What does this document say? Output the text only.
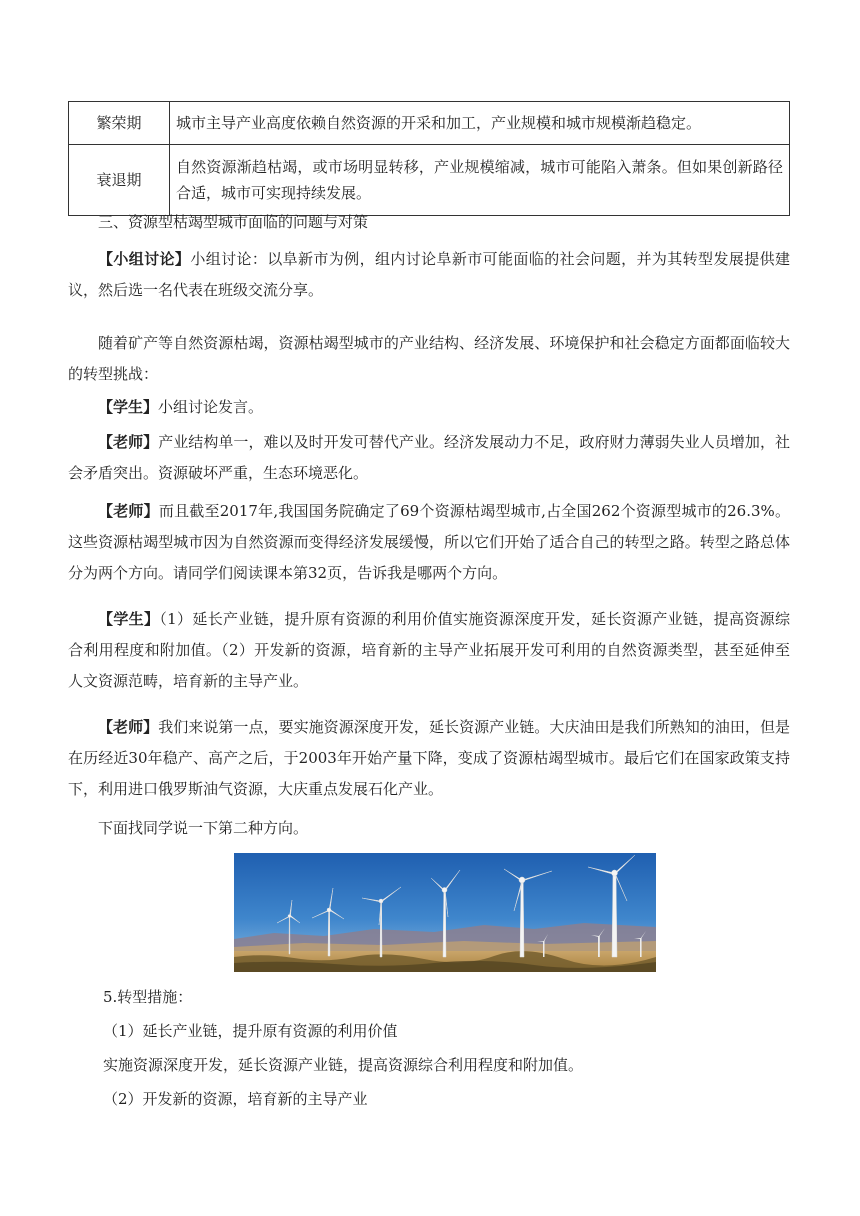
繁荣期	城市主导产业高度依赖自然资源的开采和加工，产业规模和城市规模渐趋稳定。
衰退期	自然资源渐趋枯竭，或市场明显转移，产业规模缩减，城市可能陷入萧条。但如果创新路径合适，城市可实现持续发展。

三、资源型枯竭型城市面临的问题与对策

【小组讨论】小组讨论：以阜新市为例，组内讨论阜新市可能面临的社会问题，并为其转型发展提供建议，然后选一名代表在班级交流分享。

随着矿产等自然资源枯竭，资源枯竭型城市的产业结构、经济发展、环境保护和社会稳定方面都面临较大的转型挑战：

【学生】小组讨论发言。

【老师】产业结构单一，难以及时开发可替代产业。经济发展动力不足，政府财力薄弱失业人员增加，社会矛盾突出。资源破坏严重，生态环境恶化。

【老师】而且截至2017年,我国国务院确定了69个资源枯竭型城市,占全国262个资源型城市的26.3%。这些资源枯竭型城市因为自然资源而变得经济发展缓慢，所以它们开始了适合自己的转型之路。转型之路总体分为两个方向。请同学们阅读课本第32页，告诉我是哪两个方向。

【学生】（1）延长产业链，提升原有资源的利用价值实施资源深度开发，延长资源产业链，提高资源综合利用程度和附加值。（2）开发新的资源，培育新的主导产业拓展开发可利用的自然资源类型，甚至延伸至人文资源范畴，培育新的主导产业。

【老师】我们来说第一点，要实施资源深度开发，延长资源产业链。大庆油田是我们所熟知的油田，但是在历经近30年稳产、高产之后，于2003年开始产量下降，变成了资源枯竭型城市。最后它们在国家政策支持下，利用进口俄罗斯油气资源，大庆重点发展石化产业。

下面找同学说一下第二种方向。

5.转型措施：

（1）延长产业链，提升原有资源的利用价值

实施资源深度开发，延长资源产业链，提高资源综合利用程度和附加值。

（2）开发新的资源，培育新的主导产业
